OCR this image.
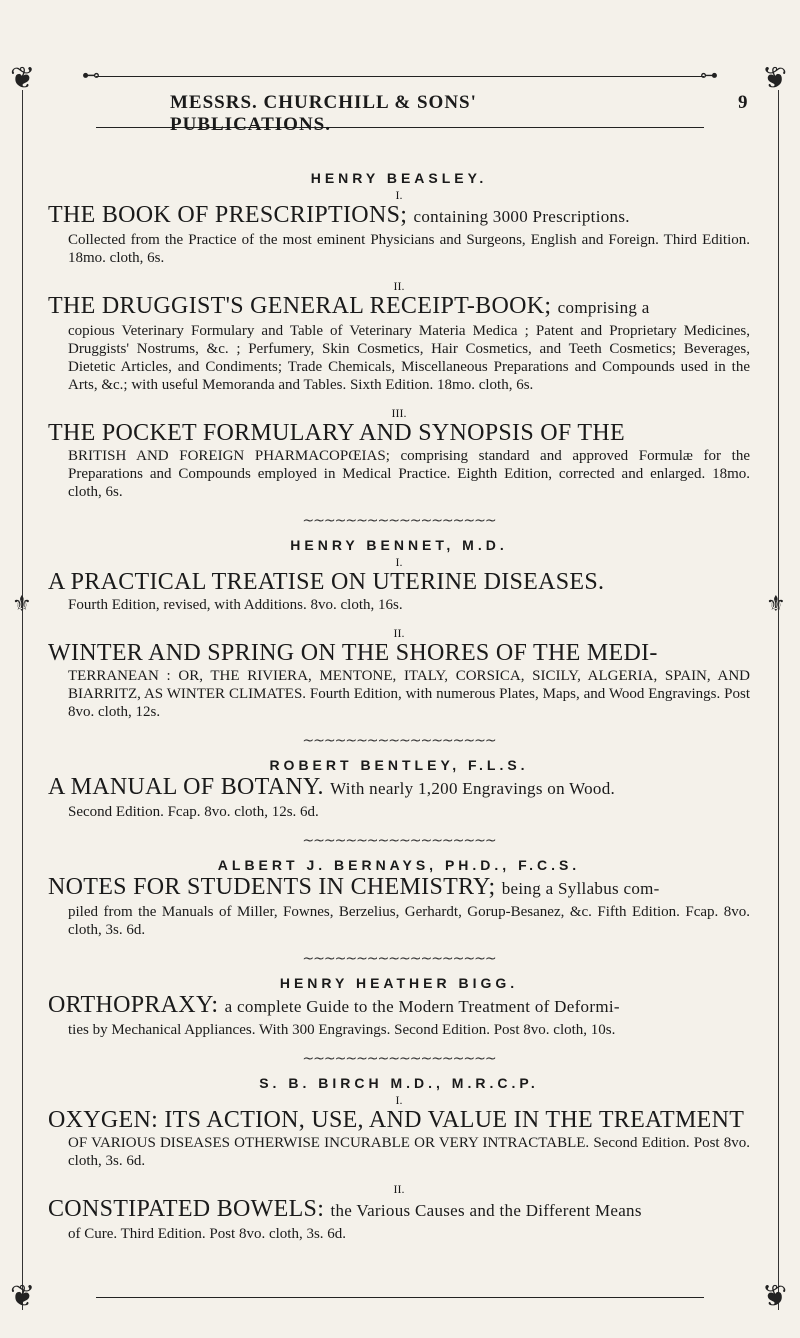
❦	❦
❦	❦
⚜	⚜
⊷	⊶
MESSRS. CHURCHILL & SONS' PUBLICATIONS.
9

HENRY BEASLEY.

I.
THE BOOK OF PRESCRIPTIONS; containing 3000 Prescriptions.
Collected from the Practice of the most eminent Physicians and Surgeons, English and Foreign. Third Edition. 18mo. cloth, 6s.
II.
THE DRUGGIST'S GENERAL RECEIPT-BOOK; comprising a
copious Veterinary Formulary and Table of Veterinary Materia Medica ; Patent and Proprietary Medicines, Druggists' Nostrums, &c. ; Perfumery, Skin Cosmetics, Hair Cosmetics, and Teeth Cosmetics; Beverages, Dietetic Articles, and Condiments; Trade Chemicals, Miscellaneous Preparations and Compounds used in the Arts, &c.; with useful Memoranda and Tables. Sixth Edition. 18mo. cloth, 6s.
III.
THE POCKET FORMULARY AND SYNOPSIS OF THE
BRITISH AND FOREIGN PHARMACOPŒIAS; comprising standard and approved Formulæ for the Preparations and Compounds employed in Medical Practice. Eighth Edition, corrected and enlarged. 18mo. cloth, 6s.
~~~~~~~~~~~~~~~~~~

HENRY BENNET, M.D.

I.
A PRACTICAL TREATISE ON UTERINE DISEASES.
Fourth Edition, revised, with Additions. 8vo. cloth, 16s.
II.
WINTER AND SPRING ON THE SHORES OF THE MEDI-
TERRANEAN : OR, THE RIVIERA, MENTONE, ITALY, CORSICA, SICILY, ALGERIA, SPAIN, AND BIARRITZ, AS WINTER CLIMATES. Fourth Edition, with numerous Plates, Maps, and Wood Engravings. Post 8vo. cloth, 12s.
~~~~~~~~~~~~~~~~~~

ROBERT BENTLEY, F.L.S.

A MANUAL OF BOTANY. With nearly 1,200 Engravings on Wood.
Second Edition. Fcap. 8vo. cloth, 12s. 6d.
~~~~~~~~~~~~~~~~~~

ALBERT J. BERNAYS, PH.D., F.C.S.

NOTES FOR STUDENTS IN CHEMISTRY; being a Syllabus com-
piled from the Manuals of Miller, Fownes, Berzelius, Gerhardt, Gorup-Besanez, &c. Fifth Edition. Fcap. 8vo. cloth, 3s. 6d.
~~~~~~~~~~~~~~~~~~

HENRY HEATHER BIGG.

ORTHOPRAXY: a complete Guide to the Modern Treatment of Deformi-
ties by Mechanical Appliances. With 300 Engravings. Second Edition. Post 8vo. cloth, 10s.
~~~~~~~~~~~~~~~~~~

S. B. BIRCH M.D., M.R.C.P.

I.
OXYGEN: ITS ACTION, USE, AND VALUE IN THE TREATMENT
OF VARIOUS DISEASES OTHERWISE INCURABLE OR VERY INTRACTABLE. Second Edition. Post 8vo. cloth, 3s. 6d.
II.
CONSTIPATED BOWELS: the Various Causes and the Different Means
of Cure. Third Edition. Post 8vo. cloth, 3s. 6d.
